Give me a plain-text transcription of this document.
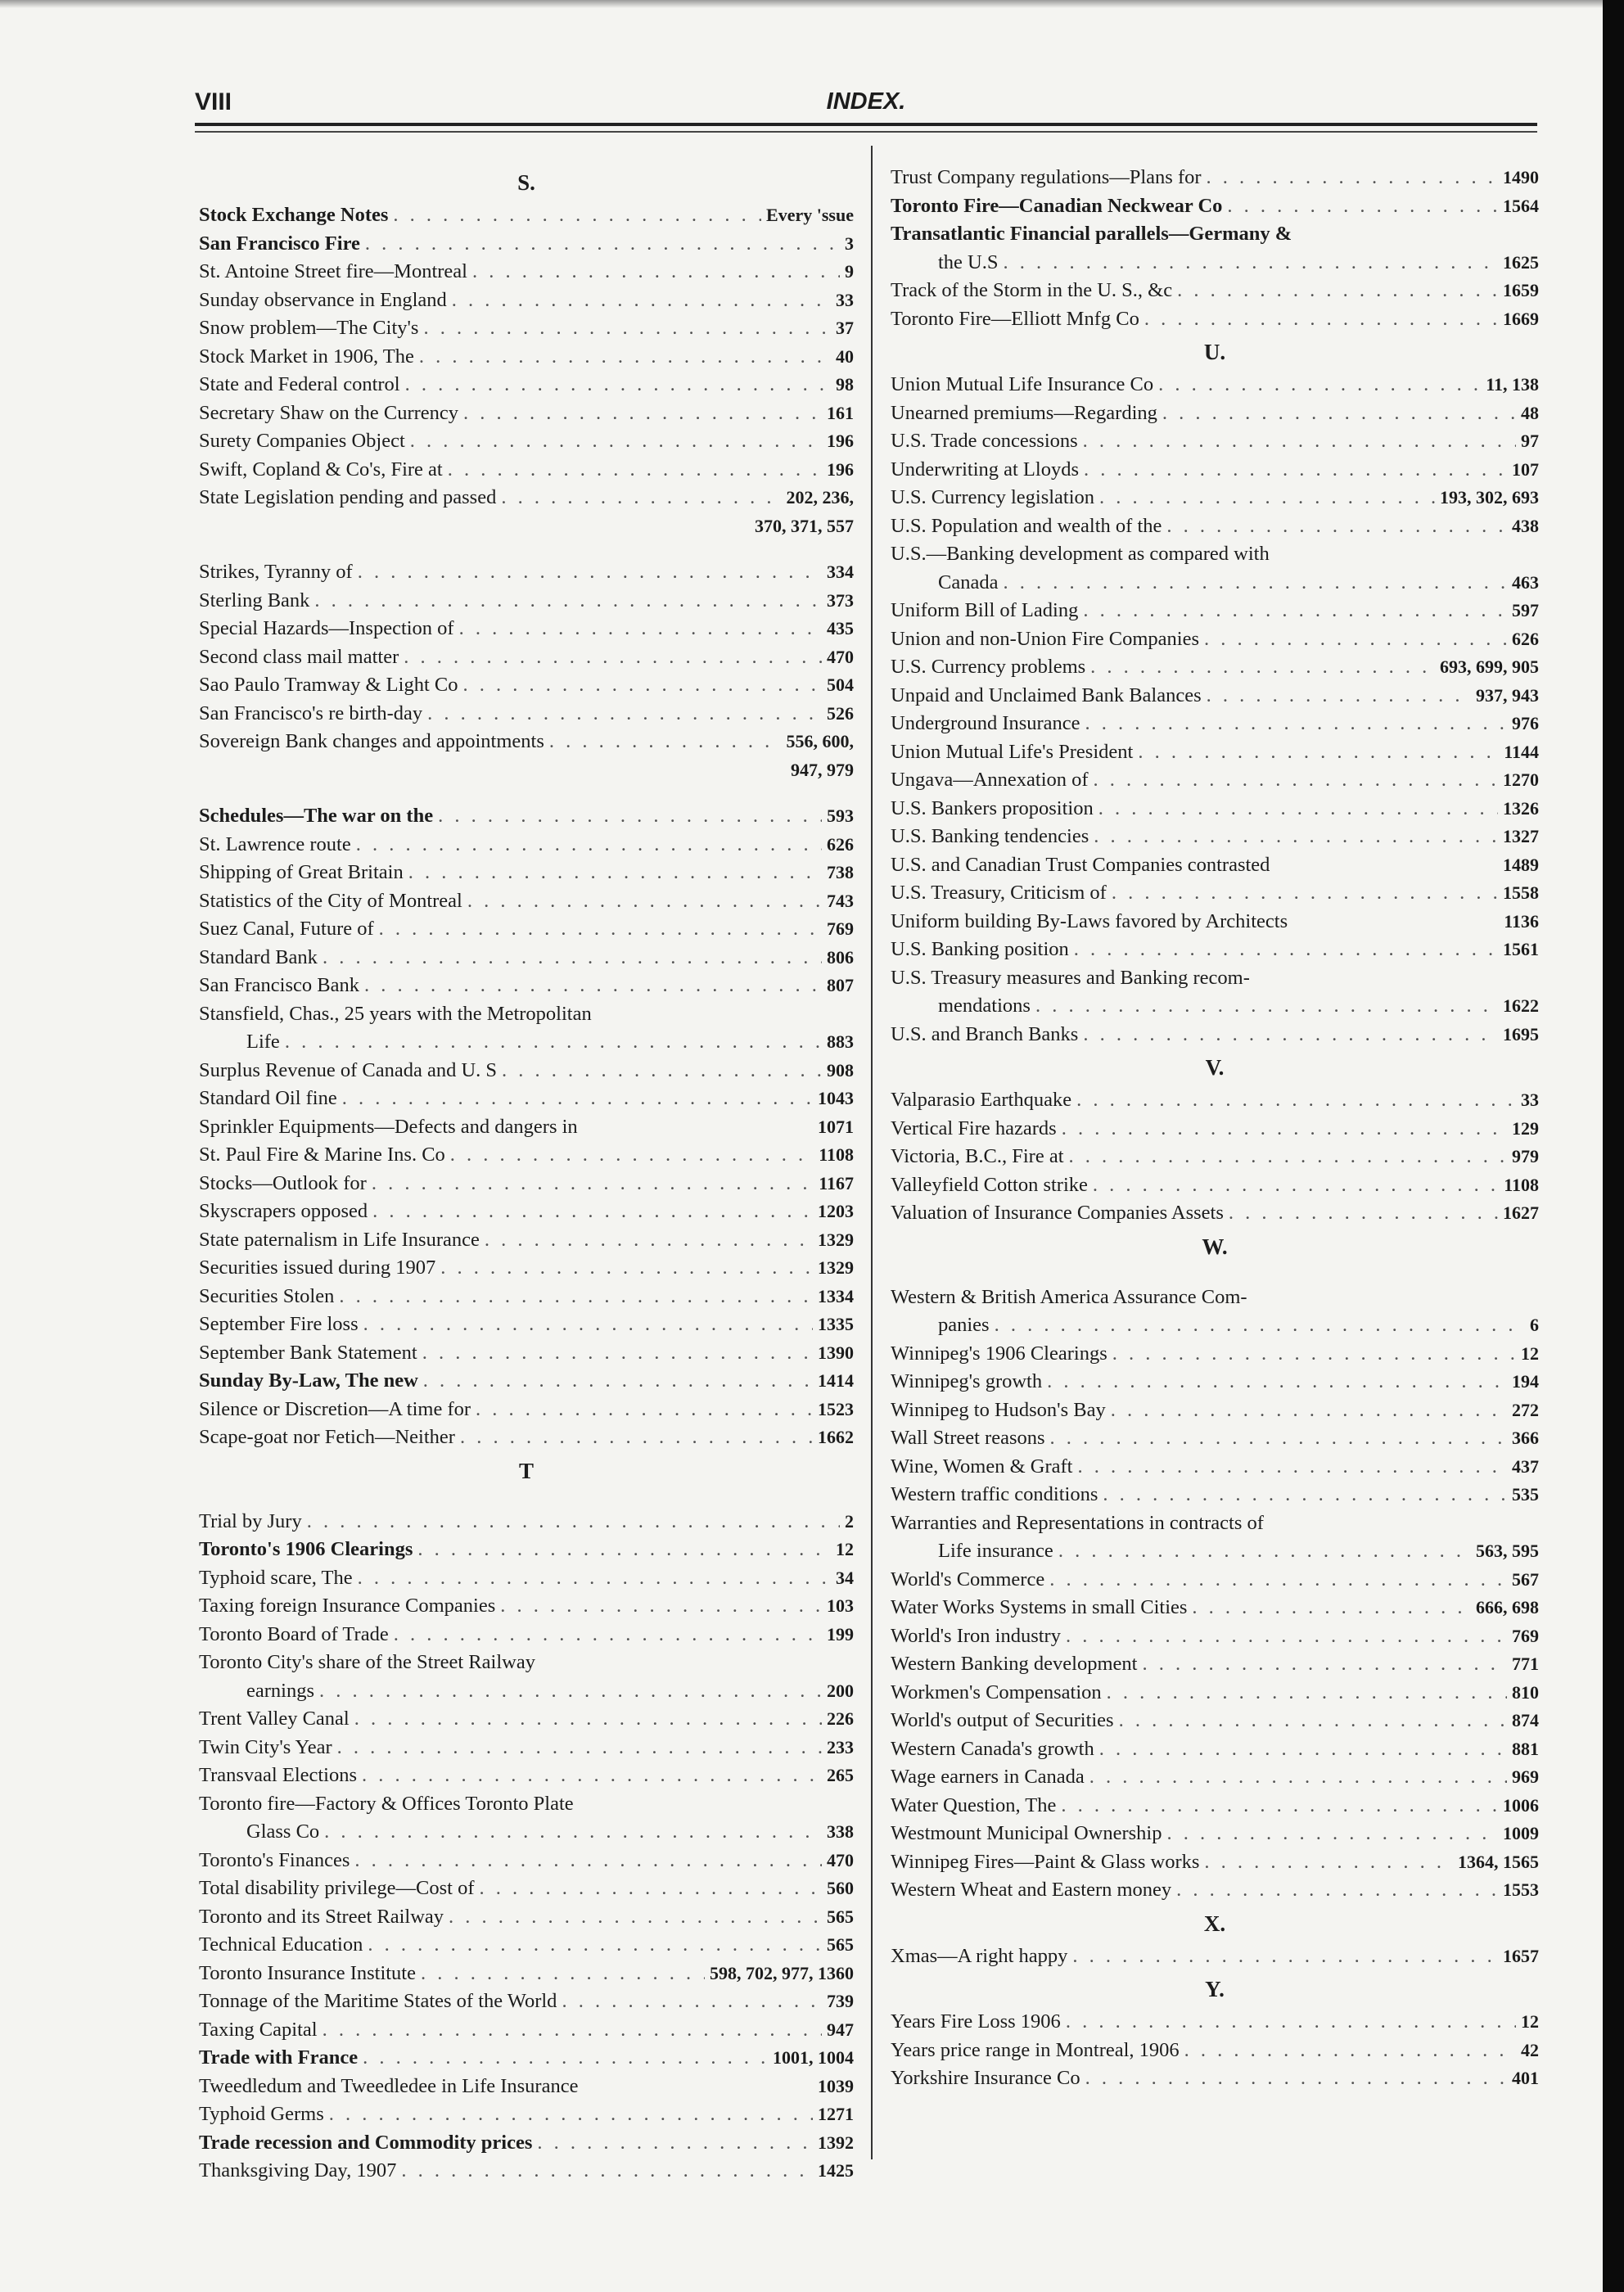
INDEX.
VIII
S.
Stock Exchange Notes . . .	Every 'ssue
San Francisco Fire . . .	3
St. Antoine Street fire—Montreal . . .	9
Sunday observance in England . . .	33
Snow problem—The City's . . .	37
Stock Market in 1906, The . . .	40
State and Federal control . . .	98
Secretary Shaw on the Currency . . .	161
Surety Companies Object . . .	196
Swift, Copland & Co's, Fire at . . .	196
State Legislation pending and passed . . .	202, 236,
370, 371, 557
Strikes, Tyranny of . . .	334
Sterling Bank . . .	373
Special Hazards—Inspection of . . .	435
Second class mail matter . . .	470
Sao Paulo Tramway & Light Co . . .	504
San Francisco's re birth-day . . .	526
Sovereign Bank changes and appointments . . .	556, 600,
947, 979
Schedules—The war on the . . .	593
St. Lawrence route . . .	626
Shipping of Great Britain . . .	738
Statistics of the City of Montreal . . .	743
Suez Canal, Future of . . .	769
Standard Bank . . .	806
San Francisco Bank . . .	807
Stansfield, Chas., 25 years with the Metropolitan
Life . . .	883
Surplus Revenue of Canada and U. S . . .	908
Standard Oil fine . . .	1043
Sprinkler Equipments—Defects and dangers in	1071
St. Paul Fire & Marine Ins. Co . . .	1108
Stocks—Outlook for . . .	1167
Skyscrapers opposed . . .	1203
State paternalism in Life Insurance . . .	1329
Securities issued during 1907 . . .	1329
Securities Stolen . . .	1334
September Fire loss . . .	1335
September Bank Statement . . .	1390
Sunday By-Law, The new . . .	1414
Silence or Discretion—A time for . . .	1523
Scape-goat nor Fetich—Neither . . .	1662
T
Trial by Jury . . .	2
Toronto's 1906 Clearings . . .	12
Typhoid scare, The . . .	34
Taxing foreign Insurance Companies . . .	103
Toronto Board of Trade . . .	199
Toronto City's share of the Street Railway
earnings . . .	200
Trent Valley Canal . . .	226
Twin City's Year . . .	233
Transvaal Elections . . .	265
Toronto fire—Factory & Offices Toronto Plate
Glass Co . . .	338
Toronto's Finances . . .	470
Total disability privilege—Cost of . . .	560
Toronto and its Street Railway . . .	565
Technical Education . . .	565
Toronto Insurance Institute . . .	598, 702, 977, 1360
Tonnage of the Maritime States of the World . . .	739
Taxing Capital . . .	947
Trade with France . . .	1001, 1004
Tweedledum and Tweedledee in Life Insurance	1039
Typhoid Germs . . .	1271
Trade recession and Commodity prices . . .	1392
Thanksgiving Day, 1907 . . .	1425
Trust Company regulations—Plans for . . .	1490
Toronto Fire—Canadian Neckwear Co . . .	1564
Transatlantic Financial parallels—Germany &
the U.S . . .	1625
Track of the Storm in the U. S., &c . . .	1659
Toronto Fire—Elliott Mnfg Co . . .	1669
U.
Union Mutual Life Insurance Co . . .	11, 138
Unearned premiums—Regarding . . .	48
U.S. Trade concessions . . .	97
Underwriting at Lloyds . . .	107
U.S. Currency legislation . . .	193, 302, 693
U.S. Population and wealth of the . . .	438
U.S.—Banking development as compared with
Canada . . .	463
Uniform Bill of Lading . . .	597
Union and non-Union Fire Companies . . .	626
U.S. Currency problems . . .	693, 699, 905
Unpaid and Unclaimed Bank Balances . . .	937, 943
Underground Insurance . . .	976
Union Mutual Life's President . . .	1144
Ungava—Annexation of . . .	1270
U.S. Bankers proposition . . .	1326
U.S. Banking tendencies . . .	1327
U.S. and Canadian Trust Companies contrasted	1489
U.S. Treasury, Criticism of . . .	1558
Uniform building By-Laws favored by Architects	1136
U.S. Banking position . . .	1561
U.S. Treasury measures and Banking recom-
mendations . . .	1622
U.S. and Branch Banks . . .	1695
V.
Valparasio Earthquake . . .	33
Vertical Fire hazards . . .	129
Victoria, B.C., Fire at . . .	979
Valleyfield Cotton strike . . .	1108
Valuation of Insurance Companies Assets . . .	1627
W.
Western & British America Assurance Com-
panies . . .	6
Winnipeg's 1906 Clearings . . .	12
Winnipeg's growth . . .	194
Winnipeg to Hudson's Bay . . .	272
Wall Street reasons . . .	366
Wine, Women & Graft . . .	437
Western traffic conditions . . .	535
Warranties and Representations in contracts of
Life insurance . . .	563, 595
World's Commerce . . .	567
Water Works Systems in small Cities . . .	666, 698
World's Iron industry . . .	769
Western Banking development . . .	771
Workmen's Compensation . . .	810
World's output of Securities . . .	874
Western Canada's growth . . .	881
Wage earners in Canada . . .	969
Water Question, The . . .	1006
Westmount Municipal Ownership . . .	1009
Winnipeg Fires—Paint & Glass works . . .	1364, 1565
Western Wheat and Eastern money . . .	1553
X.
Xmas—A right happy . . .	1657
Y.
Years Fire Loss 1906 . . .	12
Years price range in Montreal, 1906 . . .	42
Yorkshire Insurance Co . . .	401
